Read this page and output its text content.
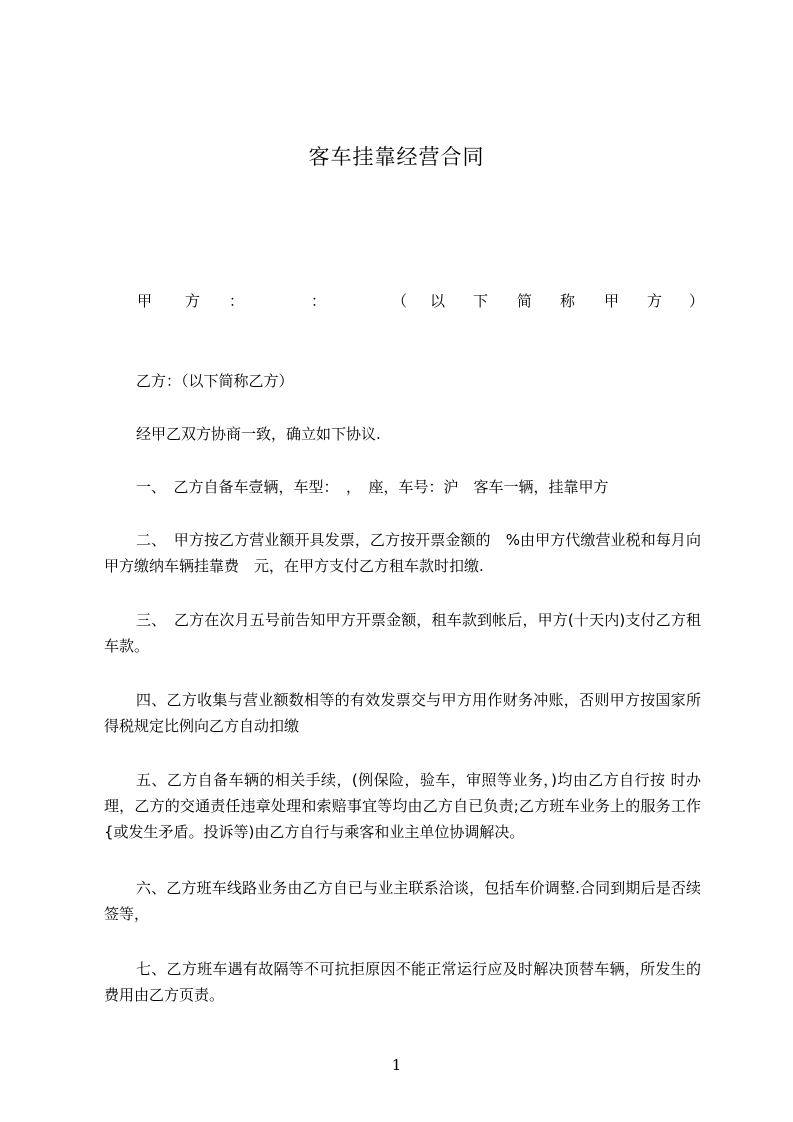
客车挂靠经营合同
甲 方 ：	：	（ 以 下 简 称 甲 方 ）
乙方：（以下简称乙方）
经甲乙双方协商一致，确立如下协议.
一、　乙方自备车壹辆，车型：　，　座，车号：沪　客车一辆，挂靠甲方
二、　甲方按乙方营业额开具发票，乙方按开票金额的　%由甲方代缴营业税和每月向甲方缴纳车辆挂靠费　元，在甲方支付乙方租车款时扣缴.
三、　乙方在次月五号前告知甲方开票金额，租车款到帐后，甲方(十天内)支付乙方租车款。
四、乙方收集与营业额数相等的有效发票交与甲方用作财务冲账，否则甲方按国家所得税规定比例向乙方自动扣缴
五、乙方自备车辆的相关手续，(例保险，验车，审照等业务，)均由乙方自行按 时办理，乙方的交通责任违章处理和索赔事宜等均由乙方自已负责;乙方班车业务上的服务工作{或发生矛盾。投诉等)由乙方自行与乘客和业主单位协调解决。
六、乙方班车线路业务由乙方自已与业主联系洽谈，包括车价调整.合同到期后是否续签等，
七、乙方班车遇有故隔等不可抗拒原因不能正常运行应及时解决顶替车辆，所发生的费用由乙方页责。
1
